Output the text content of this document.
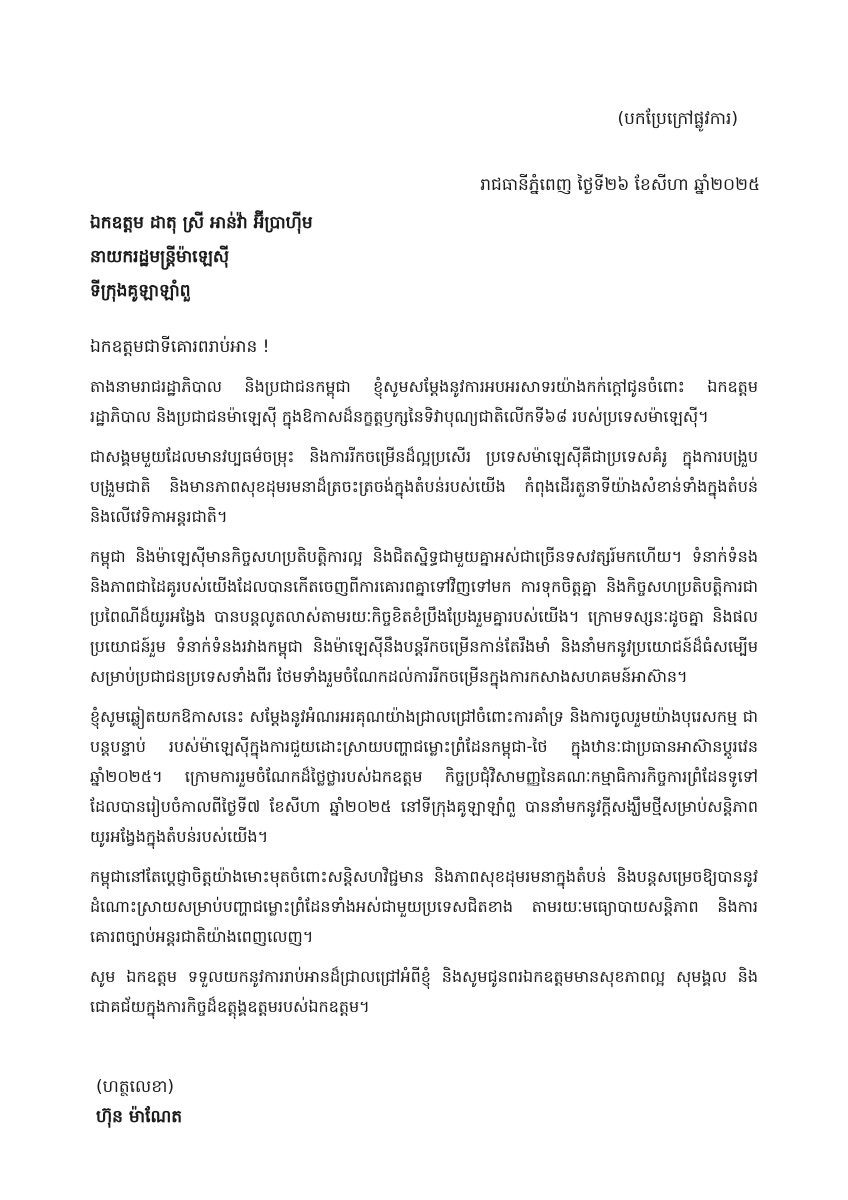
(បកប្រែក្រៅផ្លូវការ)
រាជធានីភ្នំពេញ ថ្ងៃទី២៦ ខែសីហា ឆ្នាំ២០២៥
ឯកឧត្តម ដាតុ ស្រី អាន់វ៉ា អ៊ីប្រាហ៊ីម
នាយករដ្ឋមន្ត្រីម៉ាឡេស៊ី
ទីក្រុងគូឡាឡាំពួ
ឯកឧត្តមជាទីគោរពរាប់អាន !

តាងនាមរាជរដ្ឋាភិបាល និងប្រជាជនកម្ពុជា ខ្ញុំសូមសម្តែងនូវការអបអរសាទរយ៉ាងកក់ក្តៅជូនចំពោះ ឯកឧត្តម រដ្ឋាភិបាល និងប្រជាជនម៉ាឡេស៊ី ក្នុងឱកាសដ៏នក្ខត្តឫក្សនៃទិវាបុណ្យជាតិលើកទី៦៨ របស់ប្រទេសម៉ាឡេស៊ី។

ជាសង្គមមួយដែលមានវប្បធម៌ចម្រុះ និងការរីកចម្រើនដ៏ល្អប្រសើរ ប្រទេសម៉ាឡេស៊ីគឺជាប្រទេសគំរូ ក្នុងការបង្រួបបង្រួមជាតិ និងមានភាពសុខដុមរមនាដ៏ត្រចះត្រចង់ក្នុងតំបន់របស់យើង កំពុងដើរតួនាទីយ៉ាងសំខាន់ទាំងក្នុងតំបន់ និងលើវេទិកាអន្តរជាតិ។

កម្ពុជា និងម៉ាឡេស៊ីមានកិច្ចសហប្រតិបត្តិការល្អ និងជិតស្និទ្ធជាមួយគ្នាអស់ជាច្រើនទសវត្សរ៍មកហើយ។ ទំនាក់ទំនង និងភាពជាដៃគូរបស់យើងដែលបានកើតចេញពីការគោរពគ្នាទៅវិញទៅមក ការទុកចិត្តគ្នា និងកិច្ចសហប្រតិបត្តិការជាប្រពៃណីដ៏យូរអង្វែង បានបន្តលូតលាស់តាមរយៈកិច្ចខិតខំប្រឹងប្រែងរួមគ្នារបស់យើង។ ក្រោមទស្សនៈដូចគ្នា និងផលប្រយោជន៍រួម ទំនាក់ទំនងរវាងកម្ពុជា និងម៉ាឡេស៊ីនឹងបន្តរីកចម្រើនកាន់តែរឹងមាំ និងនាំមកនូវប្រយោជន៍ដ៏ធំសម្បើមសម្រាប់ប្រជាជនប្រទេសទាំងពីរ ថែមទាំងរួមចំណែកដល់ការរីកចម្រើនក្នុងការកសាងសហគមន៍អាស៊ាន។

ខ្ញុំសូមឆ្លៀតយកឱកាសនេះ សម្តែងនូវអំណរអរគុណយ៉ាងជ្រាលជ្រៅចំពោះការគាំទ្រ និងការចូលរួមយ៉ាងបុរេសកម្ម ជាបន្តបន្ទាប់ របស់ម៉ាឡេស៊ីក្នុងការជួយដោះស្រាយបញ្ហាជម្លោះព្រំដែនកម្ពុជា-ថៃ ក្នុងឋានៈជាប្រធានអាស៊ានប្តូរវេន ឆ្នាំ២០២៥។ ក្រោមការរួមចំណែកដ៏ថ្លៃថ្លារបស់ឯកឧត្តម កិច្ចប្រជុំវិសាមញ្ញនៃគណៈកម្មាធិការកិច្ចការព្រំដែនទូទៅ ដែលបានរៀបចំកាលពីថ្ងៃទី៧ ខែសីហា ឆ្នាំ២០២៥ នៅទីក្រុងគូឡាឡាំពួ បាននាំមកនូវក្តីសង្ឃឹមថ្មីសម្រាប់សន្តិភាពយូរអង្វែងក្នុងតំបន់របស់យើង។

កម្ពុជានៅតែប្តេជ្ញាចិត្តយ៉ាងមោះមុតចំពោះសន្តិសហវិជ្ជមាន និងភាពសុខដុមរមនាក្នុងតំបន់ និងបន្តសម្រេចឱ្យបាននូវដំណោះស្រាយសម្រាប់បញ្ហាជម្លោះព្រំដែនទាំងអស់ជាមួយប្រទេសជិតខាង តាមរយៈមធ្យោបាយសន្តិភាព និងការគោរពច្បាប់អន្តរជាតិយ៉ាងពេញលេញ។

សូម ឯកឧត្តម ទទួលយកនូវការរាប់អានដ៏ជ្រាលជ្រៅអំពីខ្ញុំ និងសូមជូនពរឯកឧត្តមមានសុខភាពល្អ សុមង្គល និងជោគជ័យក្នុងការកិច្ចដ៏ឧត្តុង្គឧត្តមរបស់ឯកឧត្តម។

(ហត្ថលេខា)
ហ៊ុន ម៉ាណែត
